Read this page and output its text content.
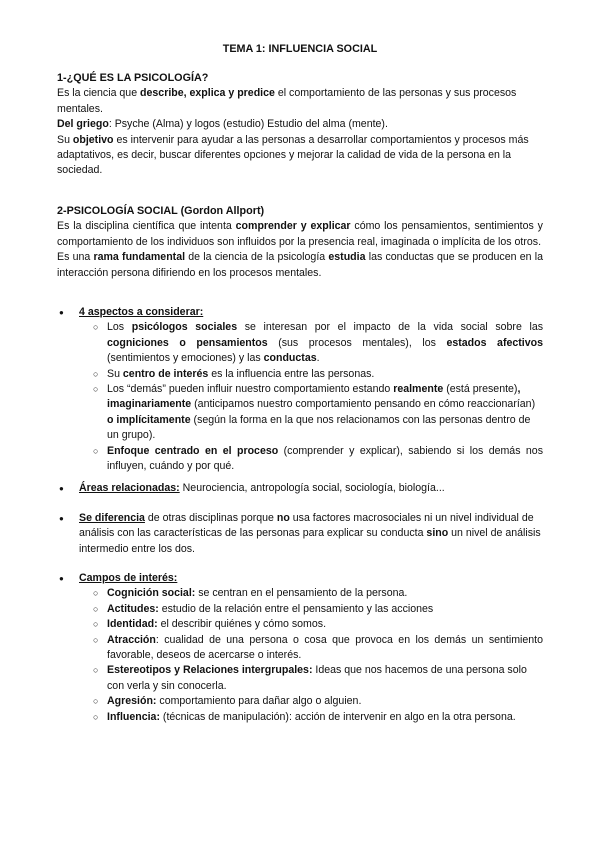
TEMA 1: INFLUENCIA SOCIAL

1-¿QUÉ ES LA PSICOLOGÍA?

Es la ciencia que describe, explica y predice el comportamiento de las personas y sus procesos mentales.

Del griego: Psyche (Alma) y logos (estudio) Estudio del alma (mente).

Su objetivo es intervenir para ayudar a las personas a desarrollar comportamientos y procesos más adaptativos, es decir, buscar diferentes opciones y mejorar la calidad de vida de la persona en la sociedad.

2-PSICOLOGÍA SOCIAL (Gordon Allport)

Es la disciplina científica que intenta comprender y explicar cómo los pensamientos, sentimientos y comportamiento de los individuos son influidos por la presencia real, imaginada o implícita de los otros.

Es una rama fundamental de la ciencia de la psicología estudia las conductas que se producen en la interacción persona difiriendo en los procesos mentales.

● 4 aspectos a considerar:
○ Los psicólogos sociales se interesan por el impacto de la vida social sobre las cogniciones o pensamientos (sus procesos mentales), los estados afectivos (sentimientos y emociones) y las conductas.
○ Su centro de interés es la influencia entre las personas.
○ Los “demás” pueden influir nuestro comportamiento estando realmente (está presente), imaginariamente (anticipamos nuestro comportamiento pensando en cómo reaccionarían) o implícitamente (según la forma en la que nos relacionamos con las personas dentro de un grupo).
○ Enfoque centrado en el proceso (comprender y explicar), sabiendo si los demás nos influyen, cuándo y por qué.
● Áreas relacionadas: Neurociencia, antropología social, sociología, biología...
● Se diferencia de otras disciplinas porque no usa factores macrosociales ni un nivel individual de análisis con las características de las personas para explicar su conducta sino un nivel de análisis intermedio entre los dos.
● Campos de interés:
○ Cognición social: se centran en el pensamiento de la persona.
○ Actitudes: estudio de la relación entre el pensamiento y las acciones
○ Identidad: el describir quiénes y cómo somos.
○ Atracción: cualidad de una persona o cosa que provoca en los demás un sentimiento favorable, deseos de acercarse o interés.
○ Estereotipos y Relaciones intergrupales: Ideas que nos hacemos de una persona solo con verla y sin conocerla.
○ Agresión: comportamiento para dañar algo o alguien.
○ Influencia: (técnicas de manipulación): acción de intervenir en algo en la otra persona.
